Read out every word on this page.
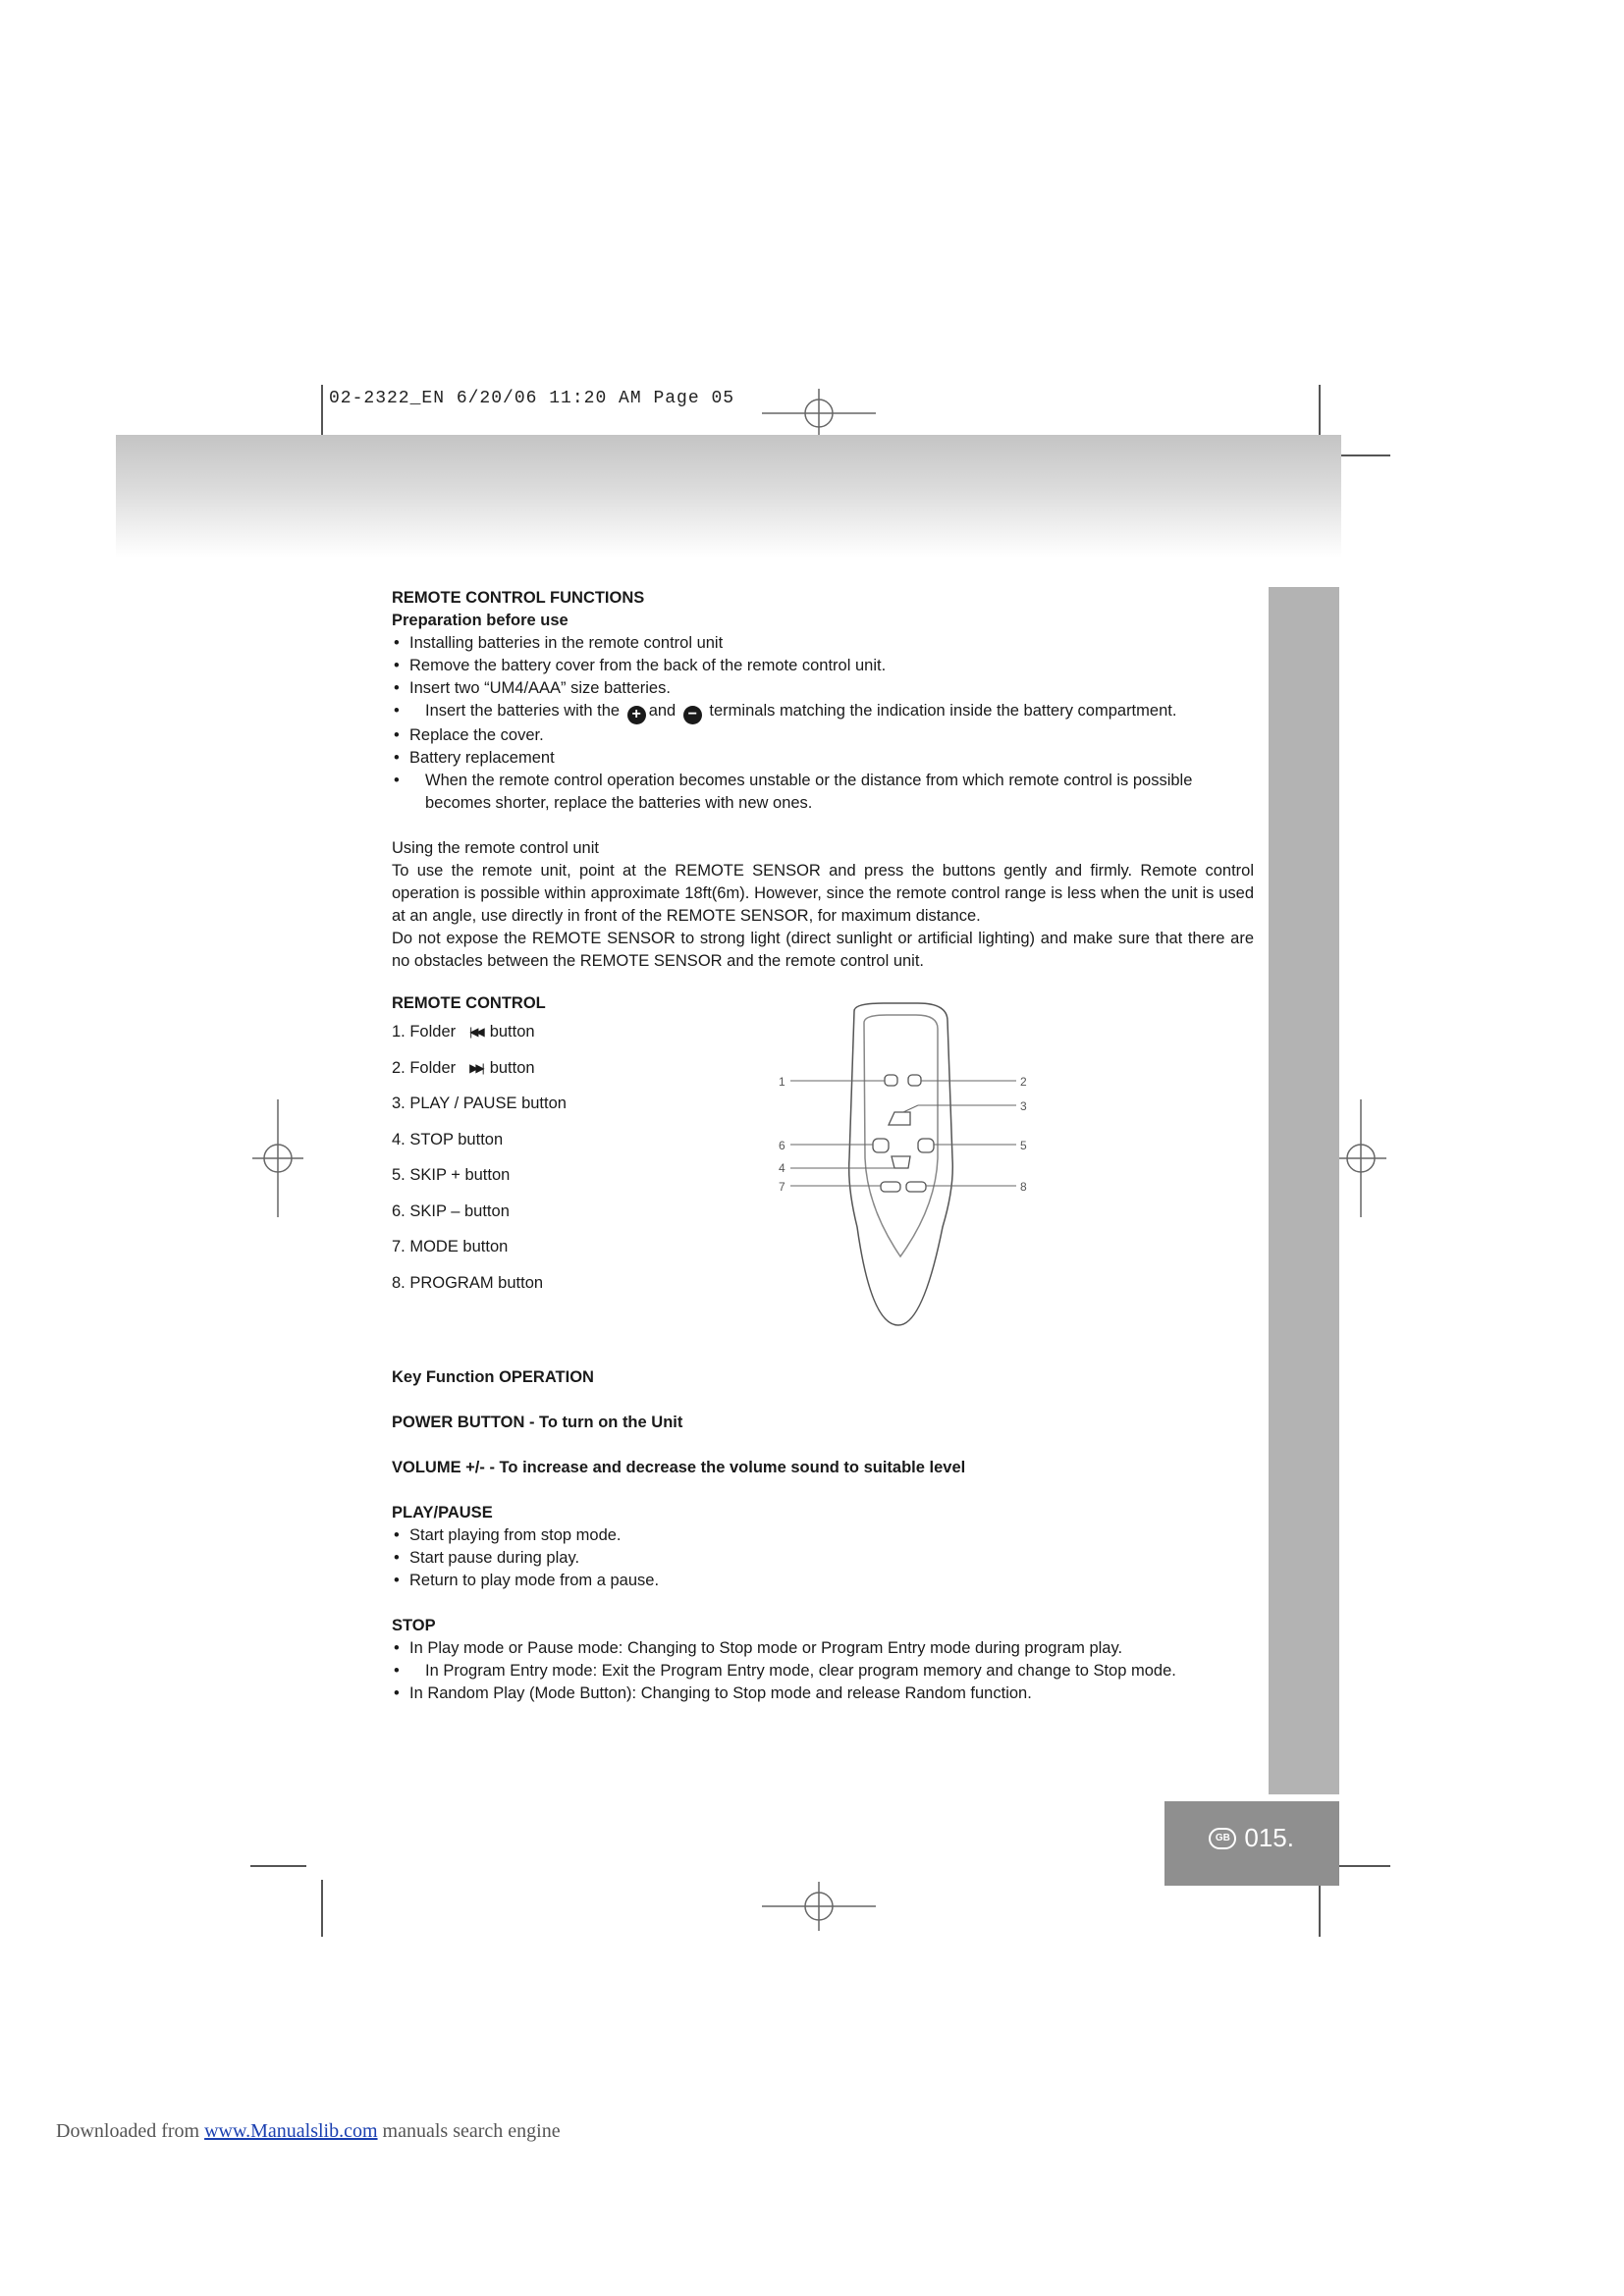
02-2322_EN 6/20/06 11:20 AM Page 05
GB 015.
REMOTE CONTROL FUNCTIONS
Preparation before use
• Installing batteries in the remote control unit
• Remove the battery cover from the back of the remote control unit.
• Insert two “UM4/AAA” size batteries.
• Insert the batteries with the + and − terminals matching the indication inside the battery compartment.
• Replace the cover.
• Battery replacement
• When the remote control operation becomes unstable or the distance from which remote control is possible becomes shorter, replace the batteries with new ones.
Using the remote control unit
To use the remote unit, point at the REMOTE SENSOR and press the buttons gently and firmly. Remote control operation is possible within approximate 18ft(6m). However, since the remote control range is less when the unit is used at an angle, use directly in front of the REMOTE SENSOR, for maximum distance.
Do not expose the REMOTE SENSOR to strong light (direct sunlight or artificial lighting) and make sure that there are no obstacles between the REMOTE SENSOR and the remote control unit.
REMOTE CONTROL
1. Folder |◀◀ button
2. Folder ▶▶| button
3. PLAY / PAUSE button
4. STOP button
5. SKIP + button
6. SKIP – button
7. MODE button
8. PROGRAM button
Key Function OPERATION
POWER BUTTON - To turn on the Unit
VOLUME +/- - To increase and decrease the volume sound to suitable level
PLAY/PAUSE
• Start playing from stop mode.
• Start pause during play.
• Return to play mode from a pause.
STOP
• In Play mode or Pause mode: Changing to Stop mode or Program Entry mode during program play.
• In Program Entry mode: Exit the Program Entry mode, clear program memory and change to Stop mode.
• In Random Play (Mode Button): Changing to Stop mode and release Random function.
1	2
3
6	5
4
7	8
Downloaded from www.Manualslib.com manuals search engine
